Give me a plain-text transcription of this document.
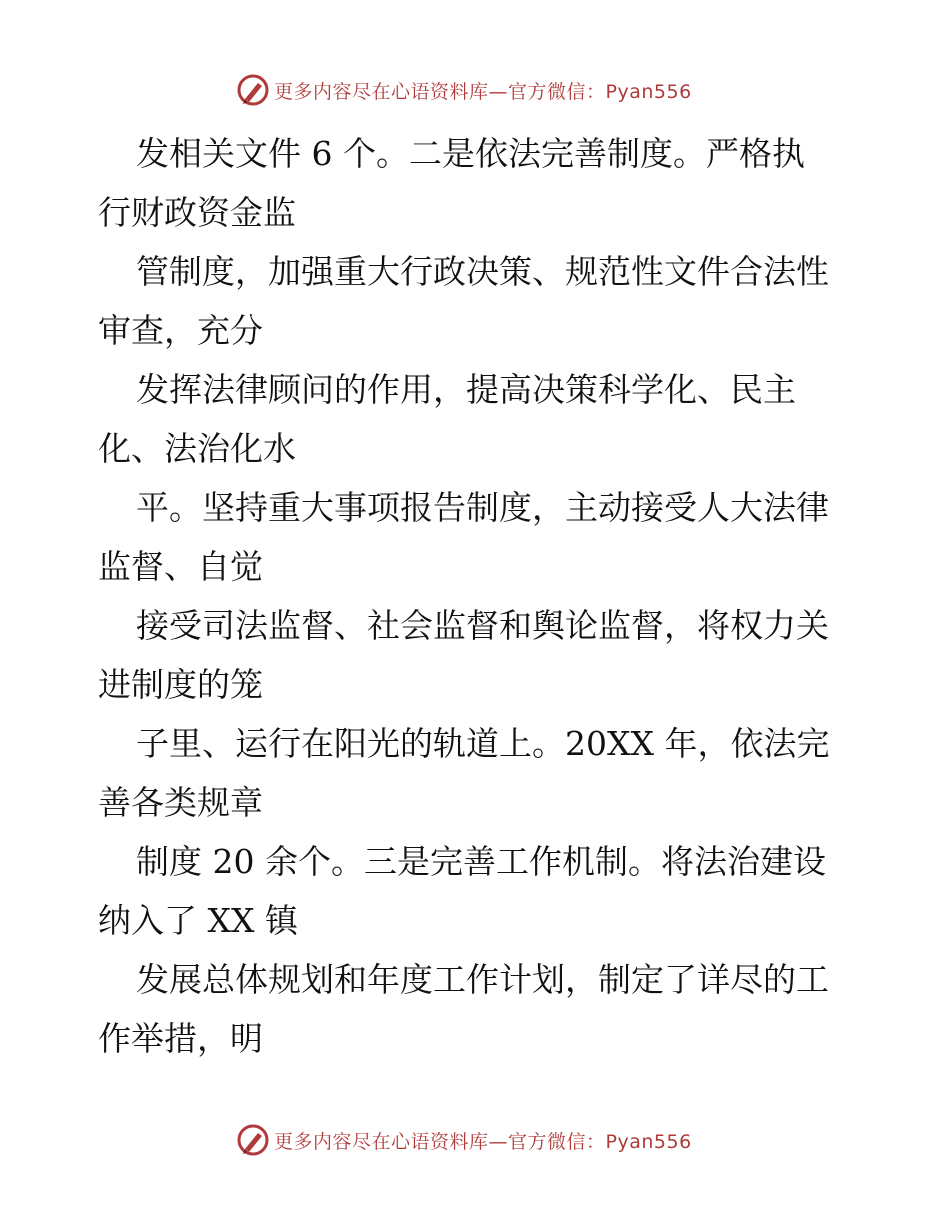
更多内容尽在心语资料库—官方微信：Pyan556

发相关文件 6 个。二是依法完善制度。严格执
行财政资金监

管制度，加强重大行政决策、规范性文件合法性
审查，充分

发挥法律顾问的作用，提高决策科学化、民主
化、法治化水

平。坚持重大事项报告制度，主动接受人大法律
监督、自觉

接受司法监督、社会监督和舆论监督，将权力关
进制度的笼

子里、运行在阳光的轨道上。20XX 年，依法完
善各类规章

制度 20 余个。三是完善工作机制。将法治建设
纳入了 XX 镇

发展总体规划和年度工作计划，制定了详尽的工
作举措，明

更多内容尽在心语资料库—官方微信：Pyan556
